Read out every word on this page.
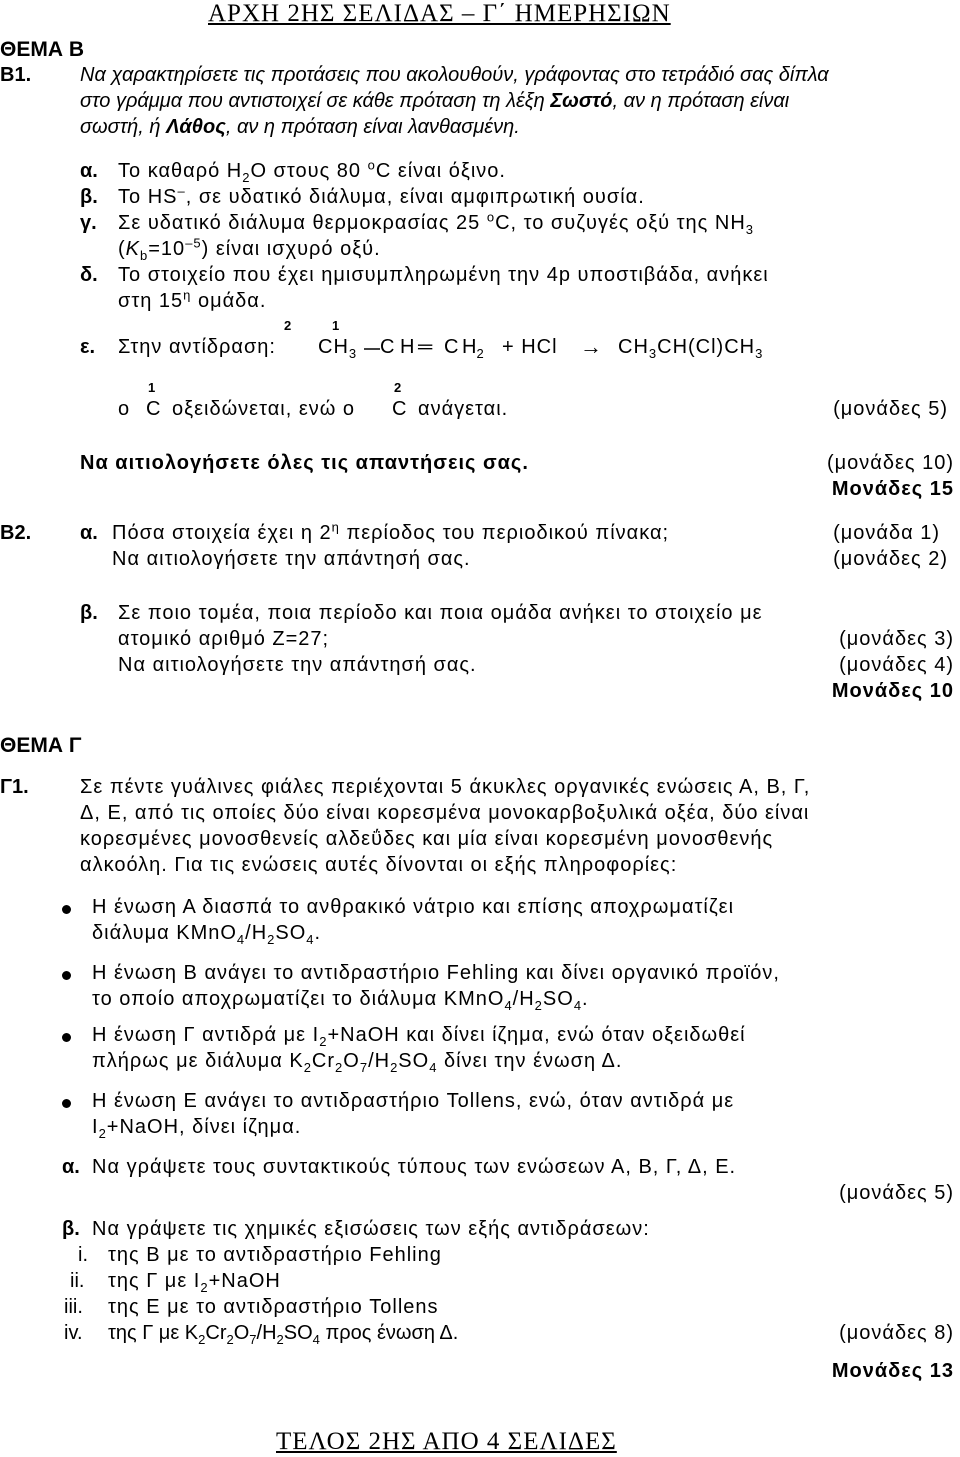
ΑΡΧΗ 2ΗΣ ΣΕΛΙΔΑΣ – Γ΄ ΗΜΕΡΗΣΙΩΝ
ΘΕΜΑ Β
Β1. Να χαρακτηρίσετε τις προτάσεις που ακολουθούν, γράφοντας στο τετράδιό σας δίπλα
στο γράμμα που αντιστοιχεί σε κάθε πρόταση τη λέξη Σωστό, αν η πρόταση είναι
σωστή, ή Λάθος, αν η πρόταση είναι λανθασμένη.
α. Το καθαρό $H_2O$ στους 80 $^o$C είναι όξινο.
β. Το HS–, σε υδατικό διάλυμα, είναι αμφιπρωτική ουσία.
γ. Σε υδατικό διάλυμα θερμοκρασίας 25 $^o$C, το συζυγές οξύ της $NH_3$
$(K_b=10^{-5})$ είναι ισχυρό οξύ.
δ. Το στοιχείο που έχει ημισυμπληρωμένη την 4p υποστιβάδα, ανήκει
στη $15^\eta$ ομάδα.
ε. Στην αντίδραση:
2	1
$CH_3$ C H ═ C $H_2$ + HCl → $CH_3CH(Cl)CH_3$
1	2
ο C οξειδώνεται, ενώ ο C ανάγεται.	(μονάδες 5)
Να αιτιολογήσετε όλες τις απαντήσεις σας.	(μονάδες 10)
Μονάδες 15
Β2. α. Πόσα στοιχεία έχει η $2^\eta$ περίοδος του περιοδικού πίνακα;	(μονάδα 1)
Να αιτιολογήσετε την απάντησή σας.	(μονάδες 2)
β. Σε ποιο τομέα, ποια περίοδο και ποια ομάδα ανήκει το στοιχείο με
ατομικό αριθμό Z=27;	(μονάδες 3)
Να αιτιολογήσετε την απάντησή σας.	(μονάδες 4)
Μονάδες 10
ΘΕΜΑ Γ
Γ1.	Σε πέντε γυάλινες φιάλες περιέχονται 5 άκυκλες οργανικές ενώσεις Α, Β, Γ,
Δ, Ε, από τις οποίες δύο είναι κορεσμένα μονοκαρβοξυλικά οξέα, δύο είναι
κορεσμένες μονοσθενείς αλδεΰδες και μία είναι κορεσμένη μονοσθενής
αλκοόλη. Για τις ενώσεις αυτές δίνονται οι εξής πληροφορίες:
Η ένωση Α διασπά το ανθρακικό νάτριο και επίσης αποχρωματίζει
διάλυμα $KMnO_4/H_2SO_4$.
Η ένωση Β ανάγει το αντιδραστήριο Fehling και δίνει οργανικό προϊόν,
το οποίο αποχρωματίζει το διάλυμα $KMnO_4/H_2SO_4$.
Η ένωση Γ αντιδρά με $I_2+NaOH$ και δίνει ίζημα, ενώ όταν οξειδωθεί
πλήρως με διάλυμα $K_2Cr_2O_7/H_2SO_4$ δίνει την ένωση Δ.
Η ένωση Ε ανάγει το αντιδραστήριο Tollens, ενώ, όταν αντιδρά με
$I_2+NaOH$, δίνει ίζημα.
α. Να γράψετε τους συντακτικούς τύπους των ενώσεων Α, Β, Γ, Δ, Ε.
(μονάδες 5)
β. Να γράψετε τις χημικές εξισώσεις των εξής αντιδράσεων:
i. της Β με το αντιδραστήριο Fehling
ii. της Γ με $I_2+NaOH$
iii. της Ε με το αντιδραστήριο Tollens
iv. της Γ με $K_2Cr_2O_7/H_2SO_4$ προς ένωση Δ.	(μονάδες 8)
Μονάδες 13
ΤΕΛΟΣ 2ΗΣ ΑΠΟ 4 ΣΕΛΙΔΕΣ
